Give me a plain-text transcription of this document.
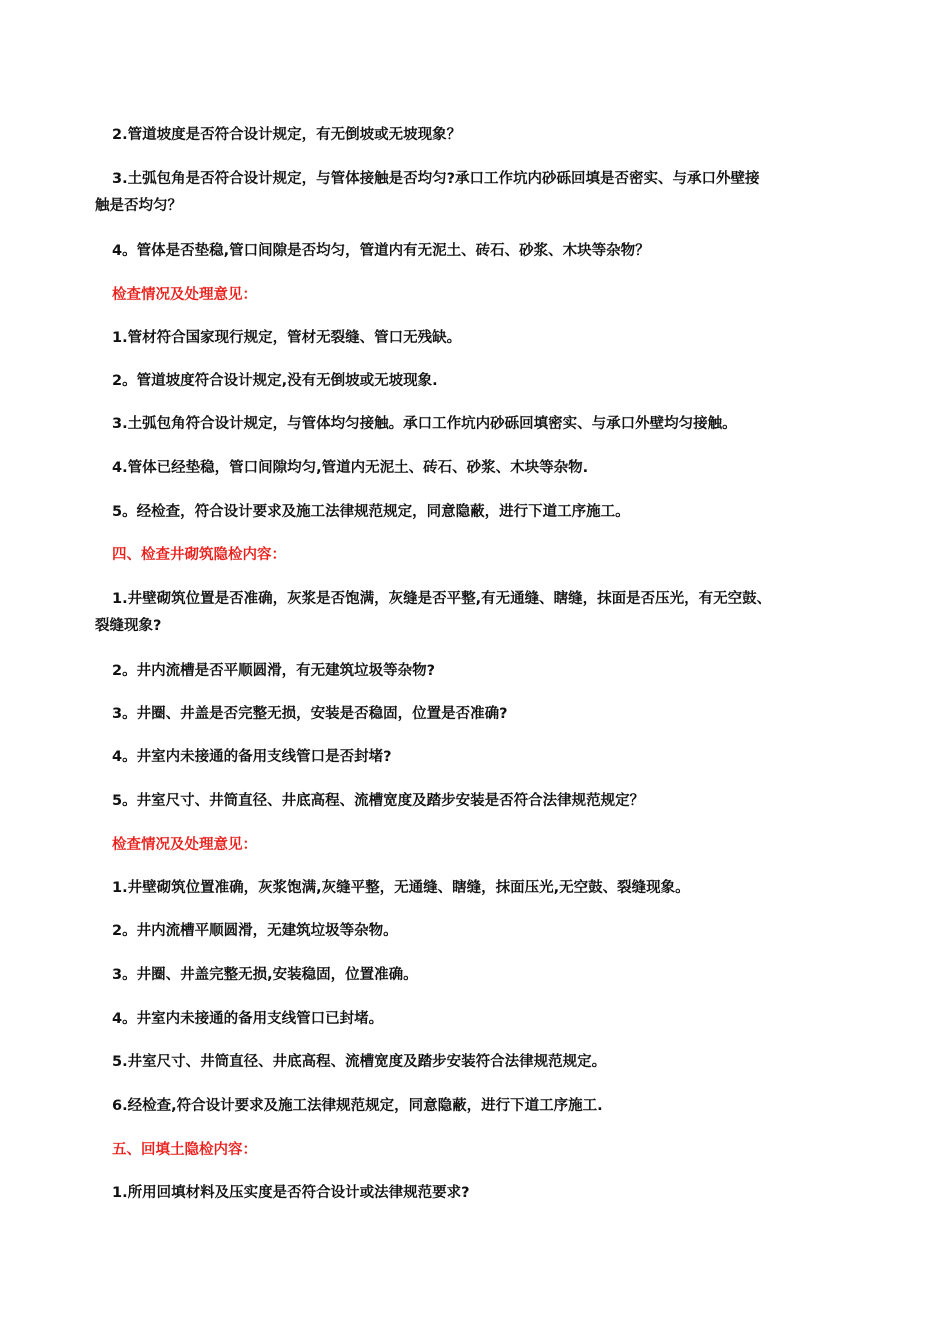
2.管道坡度是否符合设计规定，有无倒坡或无坡现象？

3.土弧包角是否符合设计规定，与管体接触是否均匀?承口工作坑内砂砾回填是否密实、与承口外壁接
触是否均匀？

4。管体是否垫稳,管口间隙是否均匀，管道内有无泥土、砖石、砂浆、木块等杂物？

检查情况及处理意见：

1.管材符合国家现行规定，管材无裂缝、管口无残缺。

2。管道坡度符合设计规定,没有无倒坡或无坡现象.

3.土弧包角符合设计规定，与管体均匀接触。承口工作坑内砂砾回填密实、与承口外壁均匀接触。

4.管体已经垫稳，管口间隙均匀,管道内无泥土、砖石、砂浆、木块等杂物.

5。经检查，符合设计要求及施工法律规范规定，同意隐蔽，进行下道工序施工。

四、检查井砌筑隐检内容：

1.井壁砌筑位置是否准确，灰浆是否饱满，灰缝是否平整,有无通缝、瞎缝，抹面是否压光，有无空鼓、
裂缝现象?

2。井内流槽是否平顺圆滑，有无建筑垃圾等杂物?

3。井圈、井盖是否完整无损，安装是否稳固，位置是否准确?

4。井室内未接通的备用支线管口是否封堵?

5。井室尺寸、井筒直径、井底高程、流槽宽度及踏步安装是否符合法律规范规定？

检查情况及处理意见：

1.井壁砌筑位置准确，灰浆饱满,灰缝平整，无通缝、瞎缝，抹面压光,无空鼓、裂缝现象。

2。井内流槽平顺圆滑，无建筑垃圾等杂物。

3。井圈、井盖完整无损,安装稳固，位置准确。

4。井室内未接通的备用支线管口已封堵。

5.井室尺寸、井筒直径、井底高程、流槽宽度及踏步安装符合法律规范规定。

6.经检查,符合设计要求及施工法律规范规定，同意隐蔽，进行下道工序施工.

五、回填土隐检内容：

1.所用回填材料及压实度是否符合设计或法律规范要求?
